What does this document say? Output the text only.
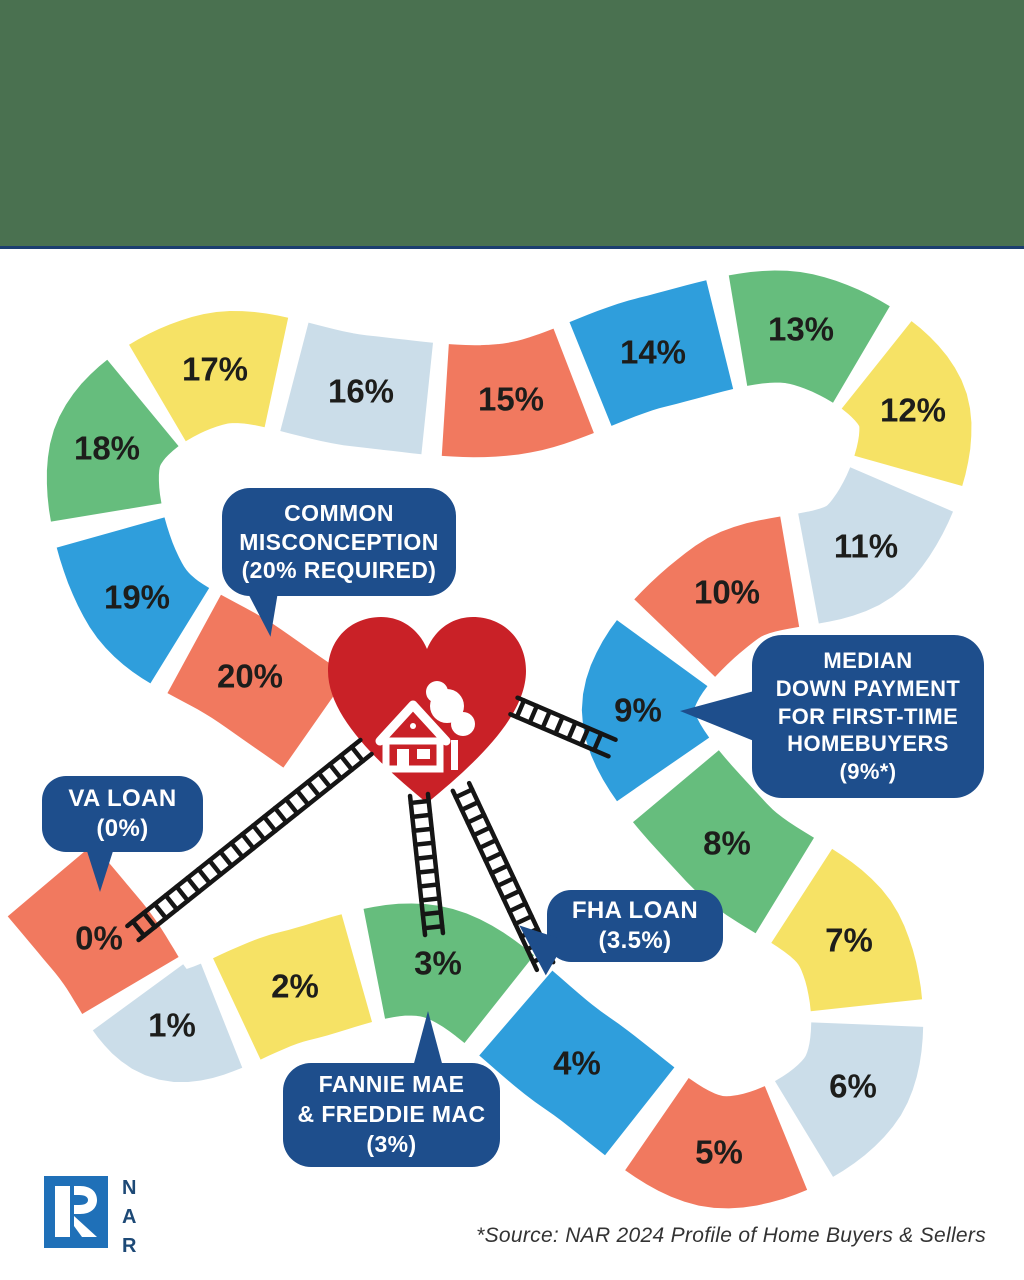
0%
1%
2%
3%
4%
5%
6%
7%
8%
9%
10%
11%
12%
13%
14%
15%
16%
17%
18%
19%
20%
COMMON
MISCONCEPTION
(20% REQUIRED)
MEDIAN
DOWN PAYMENT
FOR FIRST-TIME
HOMEBUYERS
(9%*)
VA LOAN
(0%)
FHA LOAN
(3.5%)
FANNIE MAE
& FREDDIE MAC
(3%)
N
A
R	*Source: NAR 2024 Profile of Home Buyers & Sellers
